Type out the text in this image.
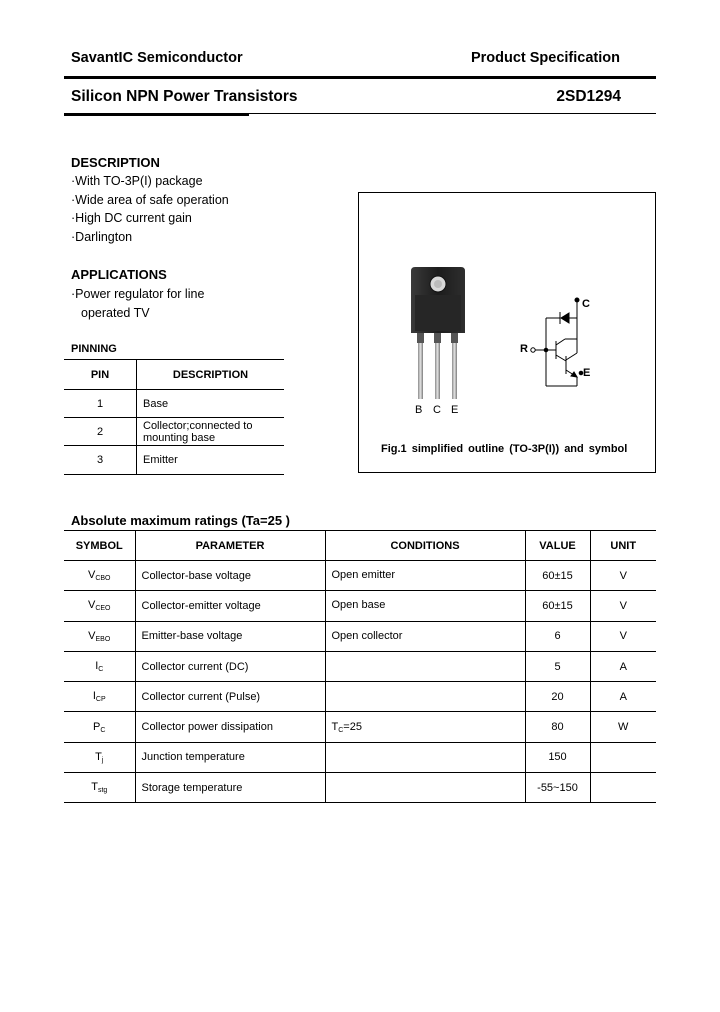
SavantIC Semiconductor	Product Specification
Silicon NPN Power Transistors	2SD1294
DESCRIPTION
·With TO-3P(I) package
·Wide area of safe operation
·High DC current gain
·Darlington
APPLICATIONS
·Power regulator for line
operated TV
PINNING
PIN	DESCRIPTION
1	Base
2	Collector;connected to
mounting base

3	Emitter
B C E
C
R
E
Fig.1 simplified outline (TO-3P(I)) and symbol
Absolute maximum ratings (Ta=25 )
SYMBOL	PARAMETER	CONDITIONS	VALUE	UNIT
$V_{CBO}$	Collector-base voltage	Open emitter	60±15	V
$V_{CEO}$	Collector-emitter voltage	Open base	60±15	V
$V_{EBO}$	Emitter-base voltage	Open collector	6	V
$I_C$	Collector current (DC)		5	A
$I_{CP}$	Collector current (Pulse)		20	A
$P_C$	Collector power dissipation	$T_C=25$	80	W
$T_j$	Junction temperature		150	
$T_{stg}$	Storage temperature		-55~150	
